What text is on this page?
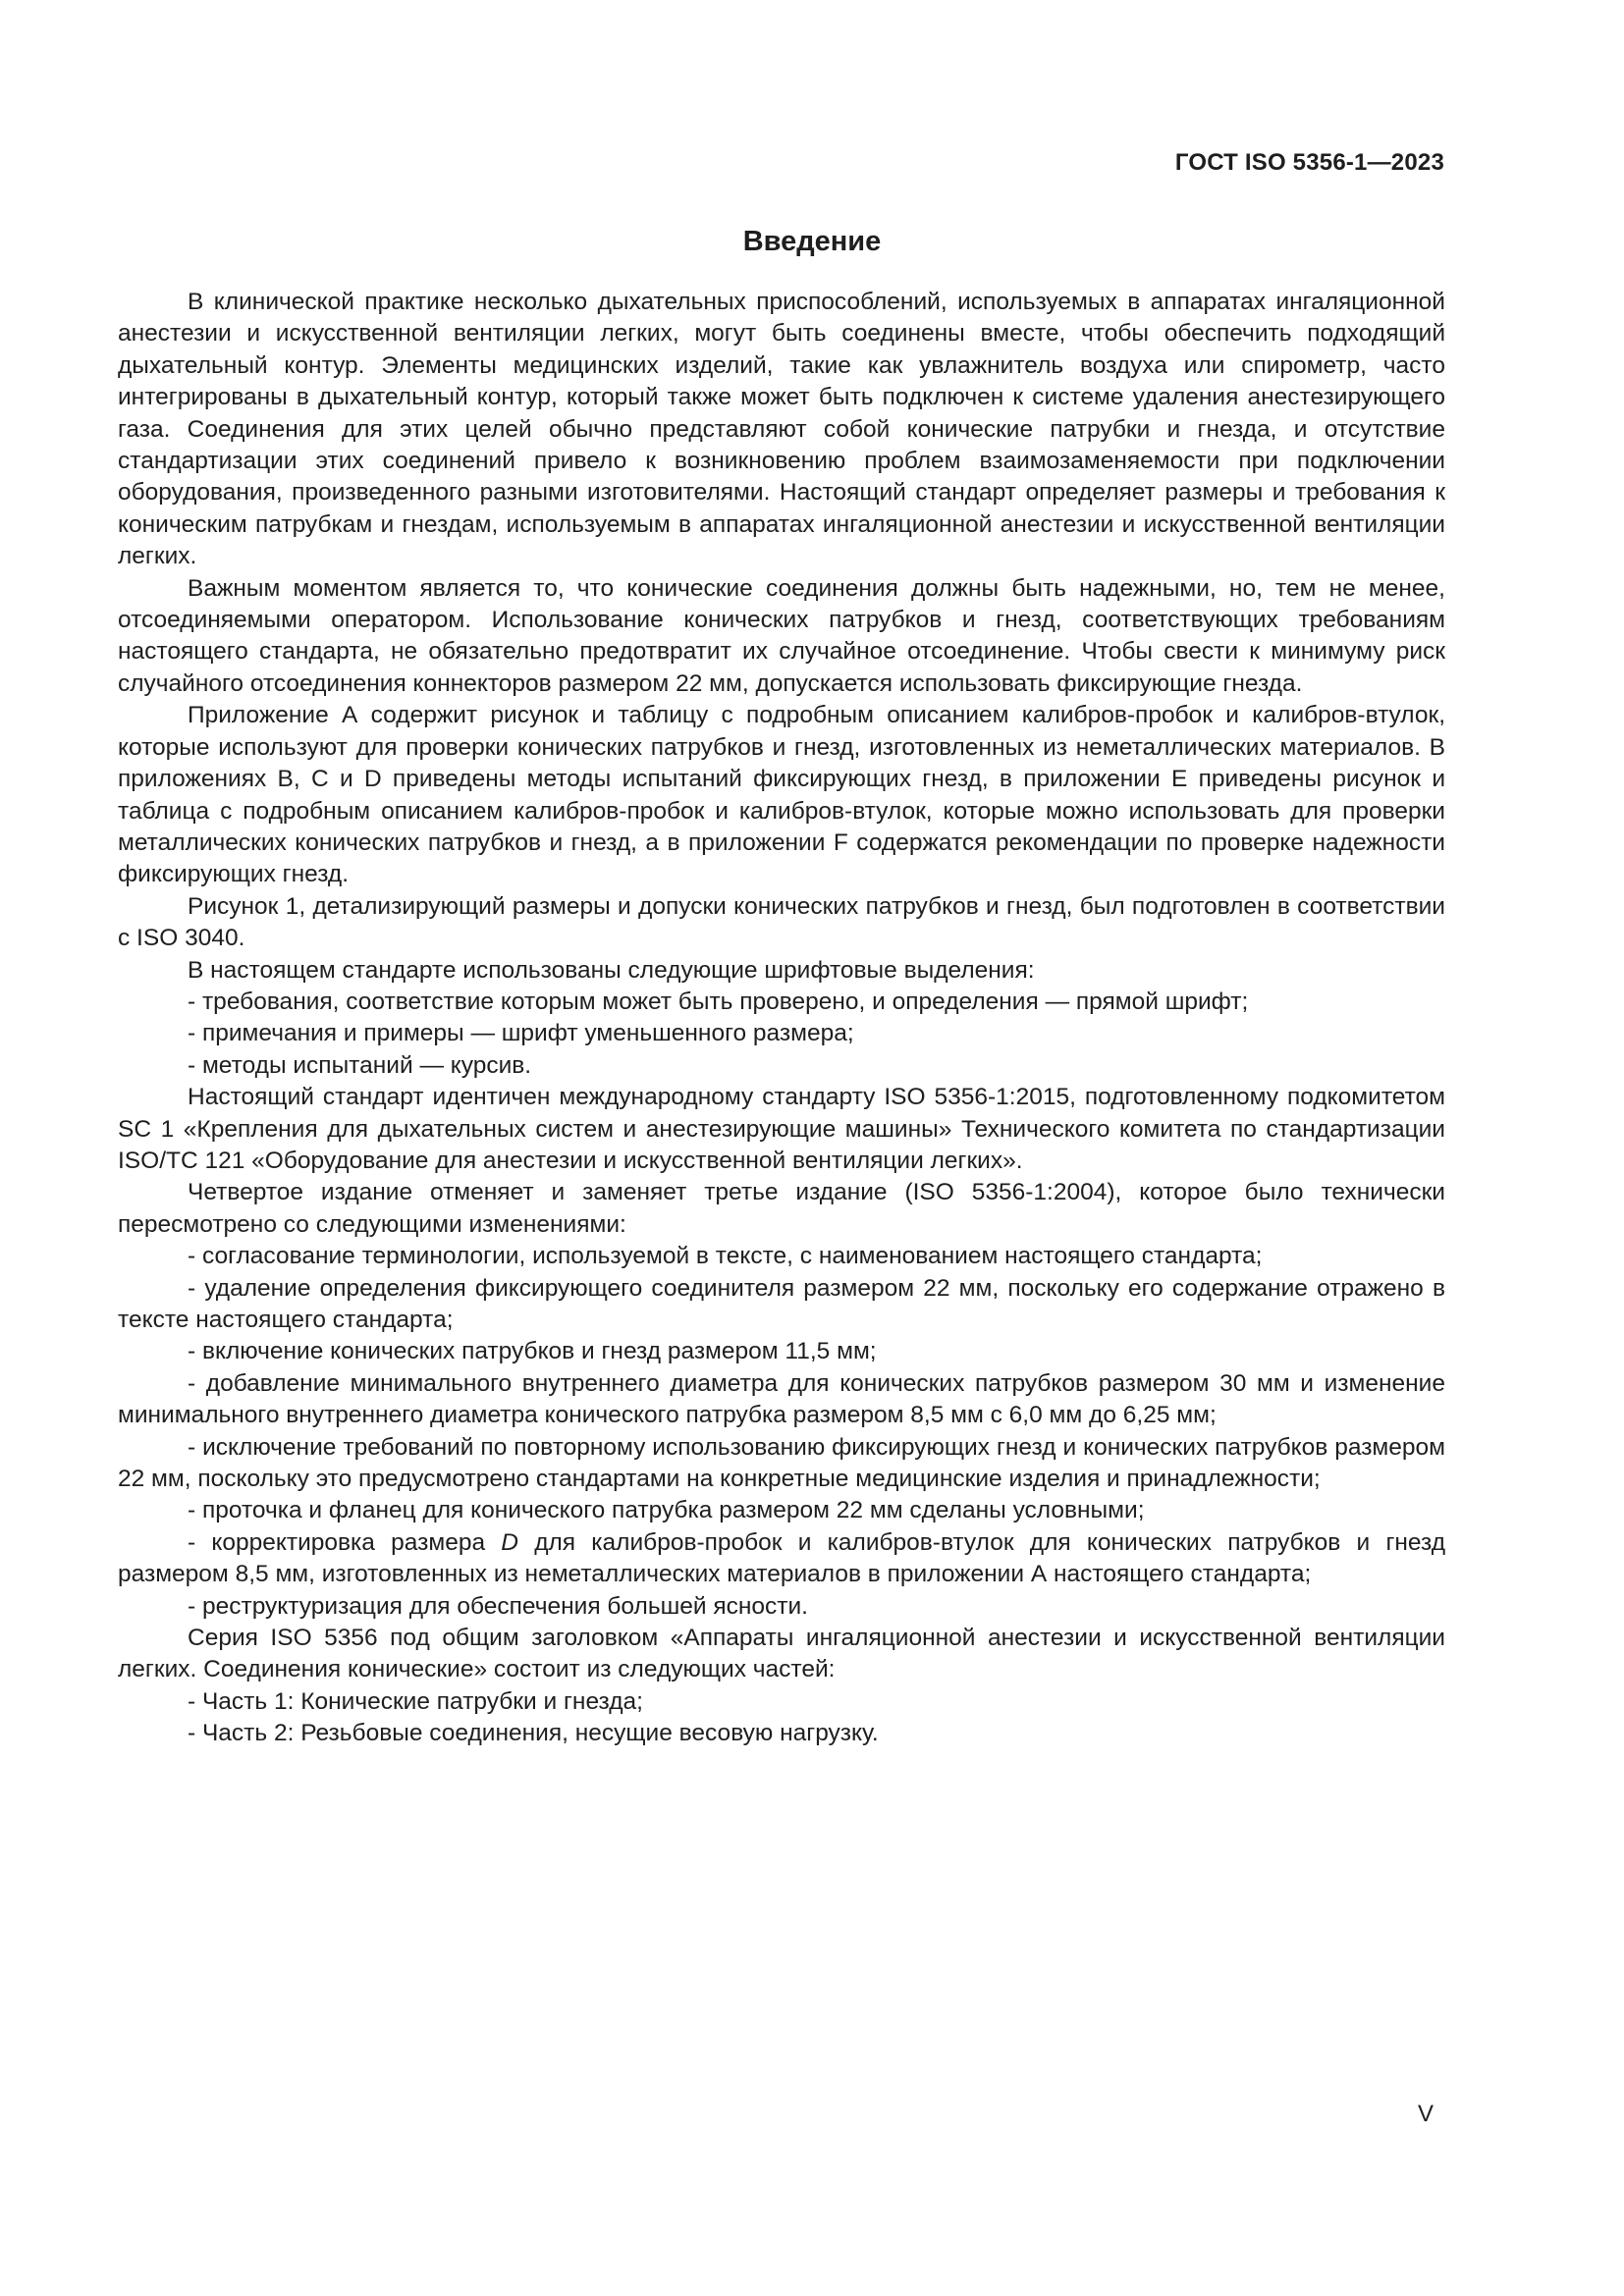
ГОСТ ISO 5356-1—2023
Введение

В клинической практике несколько дыхательных приспособлений, используемых в аппаратах ингаляционной анестезии и искусственной вентиляции легких, могут быть соединены вместе, чтобы обеспечить подходящий дыхательный контур. Элементы медицинских изделий, такие как увлажнитель воздуха или спирометр, часто интегрированы в дыхательный контур, который также может быть подключен к системе удаления анестезирующего газа. Соединения для этих целей обычно представляют собой конические патрубки и гнезда, и отсутствие стандартизации этих соединений привело к возникновению проблем взаимозаменяемости при подключении оборудования, произведенного разными изготовителями. Настоящий стандарт определяет размеры и требования к коническим патрубкам и гнездам, используемым в аппаратах ингаляционной анестезии и искусственной вентиляции легких.

Важным моментом является то, что конические соединения должны быть надежными, но, тем не менее, отсоединяемыми оператором. Использование конических патрубков и гнезд, соответствующих требованиям настоящего стандарта, не обязательно предотвратит их случайное отсоединение. Чтобы свести к минимуму риск случайного отсоединения коннекторов размером 22 мм, допускается использовать фиксирующие гнезда.

Приложение А содержит рисунок и таблицу с подробным описанием калибров-пробок и калибров-втулок, которые используют для проверки конических патрубков и гнезд, изготовленных из неметаллических материалов. В приложениях B, C и D приведены методы испытаний фиксирующих гнезд, в приложении E приведены рисунок и таблица с подробным описанием калибров-пробок и калибров-втулок, которые можно использовать для проверки металлических конических патрубков и гнезд, а в приложении F содержатся рекомендации по проверке надежности фиксирующих гнезд.

Рисунок 1, детализирующий размеры и допуски конических патрубков и гнезд, был подготовлен в соответствии с ISO 3040.

В настоящем стандарте использованы следующие шрифтовые выделения:

- требования, соответствие которым может быть проверено, и определения — прямой шрифт;

- примечания и примеры — шрифт уменьшенного размера;

- методы испытаний — курсив.

Настоящий стандарт идентичен международному стандарту ISO 5356-1:2015, подготовленному подкомитетом SC 1 «Крепления для дыхательных систем и анестезирующие машины» Технического комитета по стандартизации ISO/TC 121 «Оборудование для анестезии и искусственной вентиляции легких».

Четвертое издание отменяет и заменяет третье издание (ISO 5356-1:2004), которое было технически пересмотрено со следующими изменениями:

- согласование терминологии, используемой в тексте, с наименованием настоящего стандарта;

- удаление определения фиксирующего соединителя размером 22 мм, поскольку его содержание отражено в тексте настоящего стандарта;

- включение конических патрубков и гнезд размером 11,5 мм;

- добавление минимального внутреннего диаметра для конических патрубков размером 30 мм и изменение минимального внутреннего диаметра конического патрубка размером 8,5 мм с 6,0 мм до 6,25 мм;

- исключение требований по повторному использованию фиксирующих гнезд и конических патрубков размером 22 мм, поскольку это предусмотрено стандартами на конкретные медицинские изделия и принадлежности;

- проточка и фланец для конического патрубка размером 22 мм сделаны условными;

- корректировка размера D для калибров-пробок и калибров-втулок для конических патрубков и гнезд размером 8,5 мм, изготовленных из неметаллических материалов в приложении А настоящего стандарта;

- реструктуризация для обеспечения большей ясности.

Серия ISO 5356 под общим заголовком «Аппараты ингаляционной анестезии и искусственной вентиляции легких. Соединения конические» состоит из следующих частей:

- Часть 1: Конические патрубки и гнезда;

- Часть 2: Резьбовые соединения, несущие весовую нагрузку.

V
